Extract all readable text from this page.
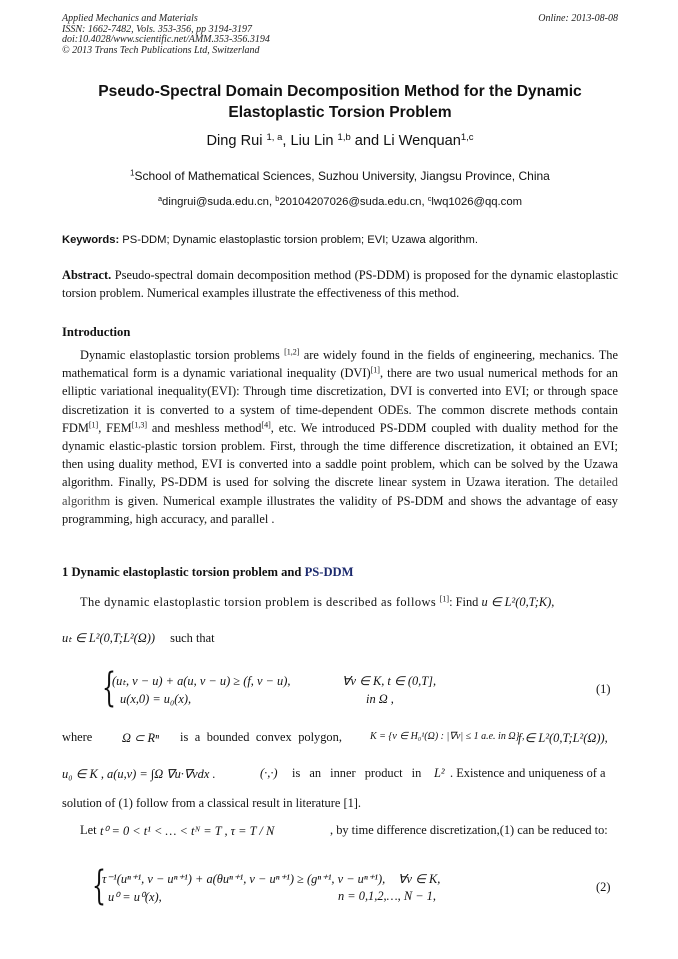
Applied Mechanics and Materials
ISSN: 1662-7482, Vols. 353-356, pp 3194-3197
doi:10.4028/www.scientific.net/AMM.353-356.3194
© 2013 Trans Tech Publications Ltd, Switzerland
Online: 2013-08-08
Pseudo-Spectral Domain Decomposition Method for the Dynamic
Elastoplastic Torsion Problem
Ding Rui $^{1, a}$, Liu Lin $^{1,b}$ and Li Wenquan$^{1,c}$
$^1$School of Mathematical Sciences, Suzhou University, Jiangsu Province, China
$^a$dingrui@suda.edu.cn, $^b$20104207026@suda.edu.cn, $^c$lwq1026@qq.com
Keywords: PS-DDM; Dynamic elastoplastic torsion problem; EVI; Uzawa algorithm.
Abstract. Pseudo-spectral domain decomposition method (PS-DDM) is proposed for the dynamic elastoplastic torsion problem. Numerical examples illustrate the effectiveness of this method.
Introduction
Dynamic elastoplastic torsion problems [1,2] are widely found in the fields of engineering, mechanics. The mathematical form is a dynamic variational inequality (DVI)[1], there are two usual numerical methods for an elliptic variational inequality(EVI): Through time discretization, DVI is converted into EVI; or through space discretization it is converted to a system of time-dependent ODEs. The common discrete methods contain FDM[1], FEM[1,3] and meshless method[4], etc. We introduced PS-DDM coupled with duality method for the dynamic elastic-plastic torsion problem. First, through the time difference discretization, it obtained an EVI; then using duality method, EVI is converted into a saddle point problem, which can be solved by the Uzawa algorithm. Finally, PS-DDM is used for solving the discrete linear system in Uzawa iteration. The detailed algorithm is given. Numerical example illustrates the validity of PS-DDM and shows the advantage of easy programming, high accuracy, and parallel .
1 Dynamic elastoplastic torsion problem and PS-DDM
The dynamic elastoplastic torsion problem is described as follows [1]: Find u ∈ L²(0,T;K),
uₜ ∈ L²(0,T;L²(Ω)) such that
{
(uₜ, v − u) + a(u, v − u) ≥ (f, v − u),	∀v ∈ K, t ∈ (0,T],
u(x,0) = u₀(x),	in Ω ,
(1)
where Ω ⊂ Rⁿ is a bounded convex polygon,	K = {v ∈ H₀¹(Ω) : |∇v| ≤ 1 a.e. in Ω} ,
f ∈ L²(0,T;L²(Ω)),
u₀ ∈ K , a(u,v) = ∫Ω ∇u·∇vdx .	(·,·) is an inner product in L² . Existence and uniqueness of a
solution of (1) follow from a classical result in literature [1].
Let t⁰ = 0 < t¹ < … < tᴺ = T , τ = T / N	, by time difference discretization,(1) can be reduced to:
{
τ⁻¹(uⁿ⁺¹, v − uⁿ⁺¹) + a(θuⁿ⁺¹, v − uⁿ⁺¹) ≥ (gⁿ⁺¹, v − uⁿ⁺¹), ∀v ∈ K,
u⁰ = u⁰(x),	n = 0,1,2,…, N − 1,
(2)
